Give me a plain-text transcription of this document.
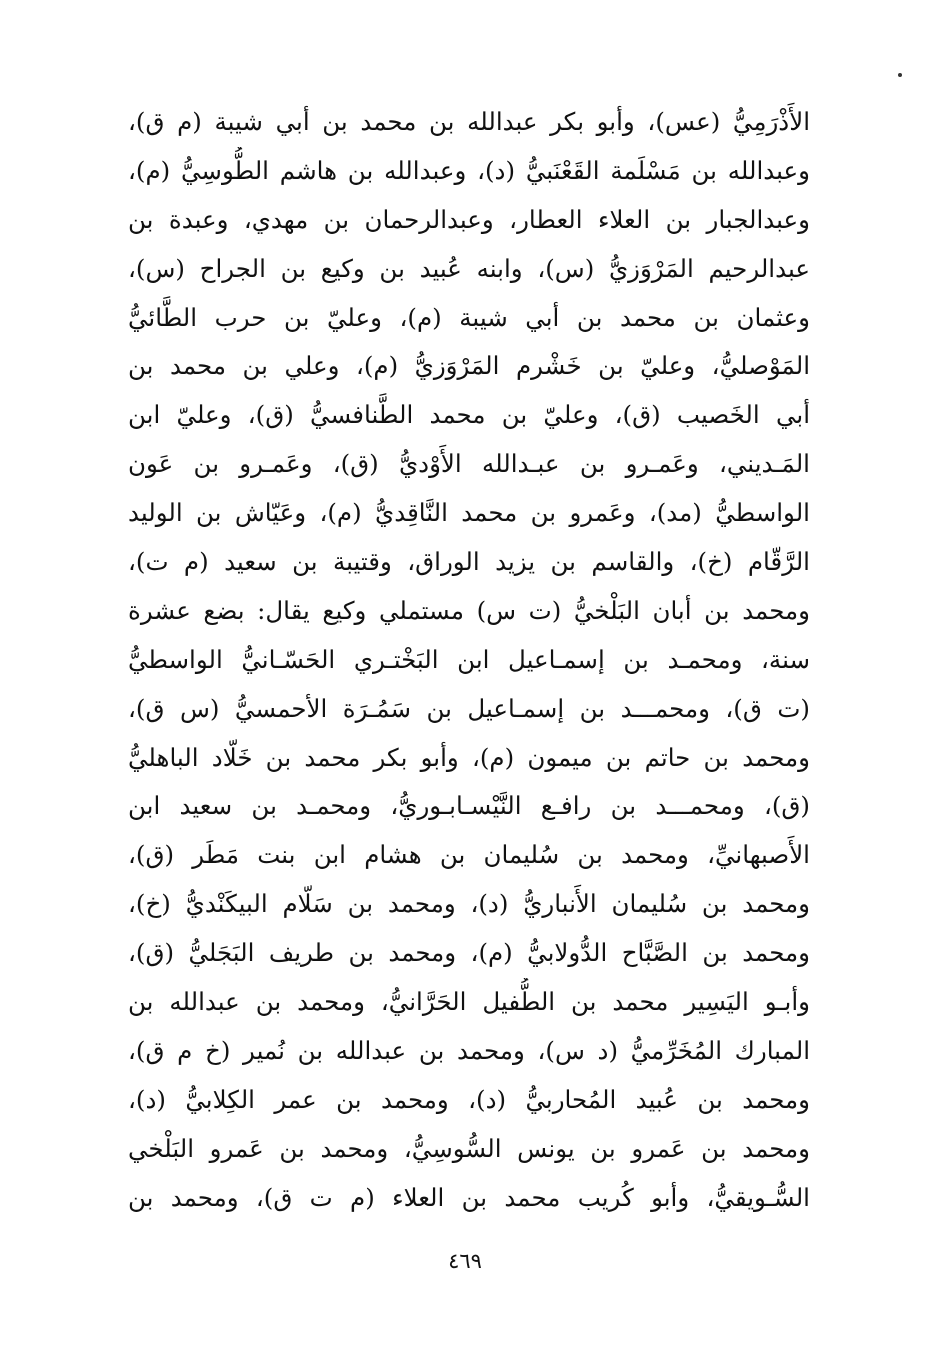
الأَذْرَمِيُّ (عس)، وأبو بكر عبدالله بن محمد بن أبي شيبة (م ق)،
وعبدالله بن مَسْلَمة القَعْنَبيُّ (د)، وعبدالله بن هاشم الطُّوسِيُّ (م)،
وعبدالجبار بن العلاء العطار، وعبدالرحمان بن مهدي، وعبدة بن
عبدالرحيم المَرْوَزيُّ (س)، وابنه عُبيد بن وكيع بن الجراح (س)،
وعثمان بن محمد بن أبي شيبة (م)، وعليّ بن حرب الطَّائيُّ
المَوْصليُّ، وعليّ بن خَشْرم المَرْوَزيُّ (م)، وعلي بن محمد بن
أبي الخَصيب (ق)، وعليّ بن محمد الطَّنافسيُّ (ق)، وعليّ ابن
المَـديني، وعَمـرو بن عبـدالله الأَوْديُّ (ق)، وعَمـرو بن عَون
الواسطيُّ (مد)، وعَمرو بن محمد النَّاقِديُّ (م)، وعَيّاش بن الوليد
الرَّقّام (خ)، والقاسم بن يزيد الوراق، وقتيبة بن سعيد (م ت)،
ومحمد بن أبان البَلْخيُّ (ت س) مستملي وكيع يقال: بضع عشرة
سنة، ومحمـد بن إسمـاعيل ابن البَخْتـري الحَسّـانيُّ الواسطيُّ
(ت ق)، ومحمـــد بن إسمـاعيل بن سَمُـرَة الأحمسيُّ (س ق)،
ومحمد بن حاتم بن ميمون (م)، وأبو بكر محمد بن خَلّاد الباهليُّ
(ق)، ومحمـــد بن رافـع النَّيْسـابـوريُّ، ومحمـد بن سعيد ابن
الأَصبهانيِّ، ومحمد بن سُليمان بن هشام ابن بنت مَطَر (ق)،
ومحمد بن سُليمان الأَنباريُّ (د)، ومحمد بن سَلّام البيكَنْديُّ (خ)،
ومحمد بن الصَّبَّاح الدُّولابيُّ (م)، ومحمد بن طريف البَجَليُّ (ق)،
وأبـو اليَسِير محمد بن الطُّفيل الحَرَّانيُّ، ومحمد بن عبدالله بن
المبارك المُخَرِّميُّ (د س)، ومحمد بن عبدالله بن نُمير (خ م ق)،
ومحمد بن عُبيد المُحاربيُّ (د)، ومحمد بن عمر الكِلابيُّ (د)،
ومحمد بن عَمرو بن يونس السُّوسِيُّ، ومحمد بن عَمرو البَلْخي
السُّـويقيُّ، وأبو كُريب محمد بن العلاء (م ت ق)، ومحمد بن
٤٦٩
